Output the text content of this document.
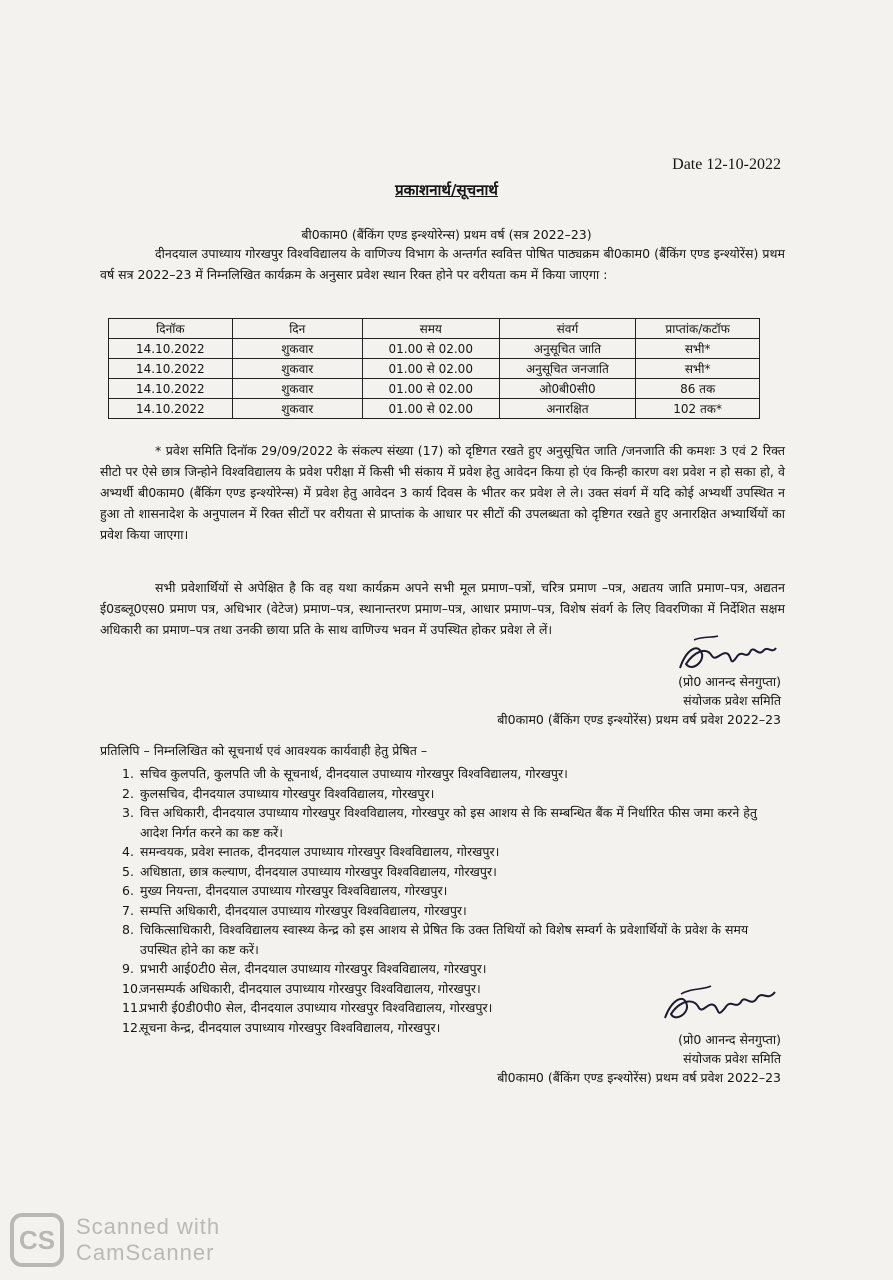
Date 12-10-2022
प्रकाशनार्थ/सूचनार्थ
बी0काम0 (बैंकिंग एण्ड इन्श्योरेन्स) प्रथम वर्ष (सत्र 2022–23)
दीनदयाल उपाध्याय गोरखपुर विश्वविद्यालय के वाणिज्य विभाग के अन्तर्गत स्ववित्त पोषित पाठ्यक्रम बी0काम0 (बैंकिंग एण्ड इन्श्योरेंस) प्रथम वर्ष सत्र 2022–23 में निम्नलिखित कार्यक्रम के अनुसार प्रवेश स्थान रिक्त होने पर वरीयता कम में किया जाएगा :
दिनॉक	दिन	समय	संवर्ग	प्राप्तांक/कटॉफ
14.10.2022	शुकवार	01.00 से 02.00	अनुसूचित जाति	सभी*
14.10.2022	शुकवार	01.00 से 02.00	अनुसूचित जनजाति	सभी*
14.10.2022	शुकवार	01.00 से 02.00	ओ0बी0सी0	86 तक
14.10.2022	शुकवार	01.00 से 02.00	अनारक्षित	102 तक*
* प्रवेश समिति दिनॉक 29/09/2022 के संकल्प संख्या (17) को दृष्टिगत रखते हुए अनुसूचित जाति /जनजाति की कमशः 3 एवं 2 रिक्त सीटो पर ऐसे छात्र जिन्होने विश्वविद्यालय के प्रवेश परीक्षा में किसी भी संकाय में प्रवेश हेतु आवेदन किया हो एंव किन्ही कारण वश प्रवेश न हो सका हो, वे अभ्यर्थी बी0काम0 (बैंकिंग एण्ड इन्श्योरेन्स) में प्रवेश हेतु आवेदन 3 कार्य दिवस के भीतर कर प्रवेश ले ले। उक्त संवर्ग में यदि कोई अभ्यर्थी उपस्थित न हुआ तो शासनादेश के अनुपालन में रिक्त सीटों पर वरीयता से प्राप्तांक के आधार पर सीटों की उपलब्धता को दृष्टिगत रखते हुए अनारक्षित अभ्यार्थियों का प्रवेश किया जाएगा।
सभी प्रवेशार्थियों से अपेक्षित है कि वह यथा कार्यक्रम अपने सभी मूल प्रमाण–पत्रों, चरित्र प्रमाण –पत्र, अद्यतय जाति प्रमाण–पत्र, अद्यतन ई0डब्लू0एस0 प्रमाण पत्र, अधिभार (वेटेज) प्रमाण–पत्र, स्थानान्तरण प्रमाण–पत्र, आधार प्रमाण–पत्र, विशेष संवर्ग के लिए विवरणिका में निर्देशित सक्षम अधिकारी का प्रमाण–पत्र तथा उनकी छाया प्रति के साथ वाणिज्य भवन में उपस्थित होकर प्रवेश ले लें।
(प्रो0 आनन्द सेनगुप्ता)
संयोजक प्रवेश समिति
बी0काम0 (बैंकिंग एण्ड इन्श्योरेंस) प्रथम वर्ष प्रवेश 2022–23
प्रतिलिपि – निम्नलिखित को सूचनार्थ एवं आवश्यक कार्यवाही हेतु प्रेषित –
1. सचिव कुलपति, कुलपति जी के सूचनार्थ, दीनदयाल उपाध्याय गोरखपुर विश्वविद्यालय, गोरखपुर।
2. कुलसचिव, दीनदयाल उपाध्याय गोरखपुर विश्वविद्यालय, गोरखपुर।
3. वित्त अधिकारी, दीनदयाल उपाध्याय गोरखपुर विश्वविद्यालय, गोरखपुर को इस आशय से कि सम्बन्धित बैंक में निर्धारित फीस जमा करने हेतु आदेश निर्गत करने का कष्ट करें।
4. समन्वयक, प्रवेश स्नातक, दीनदयाल उपाध्याय गोरखपुर विश्वविद्यालय, गोरखपुर।
5. अधिष्ठाता, छात्र कल्याण, दीनदयाल उपाध्याय गोरखपुर विश्वविद्यालय, गोरखपुर।
6. मुख्य नियन्ता, दीनदयाल उपाध्याय गोरखपुर विश्वविद्यालय, गोरखपुर।
7. सम्पत्ति अधिकारी, दीनदयाल उपाध्याय गोरखपुर विश्वविद्यालय, गोरखपुर।
8. चिकित्साधिकारी, विश्वविद्यालय स्वास्थ्य केन्द्र को इस आशय से प्रेषित कि उक्त तिथियों को विशेष सम्वर्ग के प्रवेशार्थियों के प्रवेश के समय उपस्थित होने का कष्ट करें।
9. प्रभारी आई0टी0 सेल, दीनदयाल उपाध्याय गोरखपुर विश्वविद्यालय, गोरखपुर।
10.
जनसम्पर्क अधिकारी, दीनदयाल उपाध्याय गोरखपुर विश्वविद्यालय, गोरखपुर।
11.
प्रभारी ई0डी0पी0 सेल, दीनदयाल उपाध्याय गोरखपुर विश्वविद्यालय, गोरखपुर।
12.
सूचना केन्द्र, दीनदयाल उपाध्याय गोरखपुर विश्वविद्यालय, गोरखपुर।
(प्रो0 आनन्द सेनगुप्ता)
संयोजक प्रवेश समिति
बी0काम0 (बैंकिंग एण्ड इन्श्योरेंस) प्रथम वर्ष प्रवेश 2022–23
CS Scanned with
CamScanner
